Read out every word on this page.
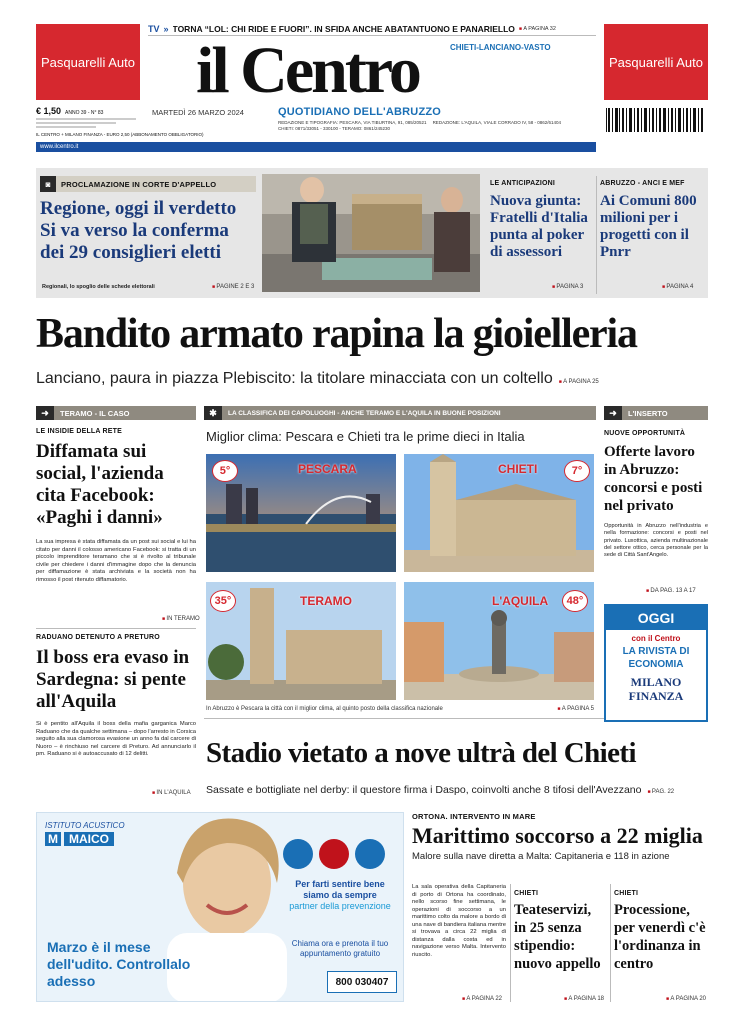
Pasquarelli Auto	Pasquarelli Auto
TV » TORNA “LOL: CHI RIDE E FUORI”. IN SFIDA ANCHE ABATANTUONO E PANARIELLO	■ A PAGINA 32
il Centro	CHIETI-LANCIANO-VASTO
€ 1,50 ANNO 39 - N° 83
IL CENTRO + MILANO FINANZA - EURO 2,50 (ABBONAMENTO OBBLIGATORIO)
www.ilcentro.it
MARTEDÌ 26 MARZO 2024	QUOTIDIANO DELL'ABRUZZO
REDAZIONE E TIPOGRAFIA: PESCARA, VIA TIBURTINA, 91, 085/20521 REDAZIONE: L'AQUILA, VIALE CORRADO IV, 58 - 0862/61404
CHIETI: 0871/33051 - 330100 - TERAMO: 0861/245230
◙	PROCLAMAZIONE IN CORTE D'APPELLO
Regione, oggi il verdetto Si va verso la conferma dei 29 consiglieri eletti
Regionali, lo spoglio delle schede elettorali	■ PAGINE 2 E 3
LE ANTICIPAZIONI
Nuova giunta: Fratelli d'Italia punta al poker di assessori
■ PAGINA 3
ABRUZZO - ANCI E MEF
Ai Comuni 800 milioni per i progetti con il Pnrr
■ PAGINA 4
Bandito armato rapina la gioielleria
Lanciano, paura in piazza Plebiscito: la titolare minacciata con un coltello	■ A PAGINA 25
➜	TERAMO - IL CASO
LE INSIDIE DELLA RETE
Diffamata sui social, l'azienda cita Facebook: «Paghi i danni»
La sua impresa è stata diffamata da un post sui social e lui ha citato per danni il colosso americano Facebook: si tratta di un piccolo imprenditore teramano che si è rivolto al tribunale civile per chiedere i danni d'immagine dopo che la denuncia per diffamazione è stata archiviata e la società non ha rimosso il post ritenuto diffamatorio.
■ IN TERAMO
RADUANO DETENUTO A PRETURO
Il boss era evaso in Sardegna: si pente all'Aquila
Si è pentito all'Aquila il boss della mafia garganica Marco Raduano che da qualche settimana – dopo l'arresto in Corsica seguito alla sua clamorosa evasione un anno fa dal carcere di Nuoro – è rinchiuso nel carcere di Preturo. Ad annunciarlo il pm. Raduano si è autoaccusato di 12 delitti.
■ IN L'AQUILA
✱	LA CLASSIFICA DEI CAPOLUOGHI - ANCHE TERAMO E L'AQUILA IN BUONE POSIZIONI
Miglior clima: Pescara e Chieti tra le prime dieci in Italia
5°	PESCARA	7°
CHIETI
35°	TERAMO	48°
L'AQUILA
In Abruzzo è Pescara la città con il miglior clima, al quinto posto della classifica nazionale	■ A PAGINA 5
Stadio vietato a nove ultrà del Chieti
Sassate e bottigliate nel derby: il questore firma i Daspo, coinvolti anche 8 tifosi dell'Avezzano	■ PAG. 22
➜	L'INSERTO
NUOVE OPPORTUNITÀ
Offerte lavoro in Abruzzo: concorsi e posti nel privato
Opportunità in Abruzzo nell'industria e nella formazione: concorsi e posti nel privato. Luxottica, azienda multinazionale del settore ottico, cerca personale per la sede di Città Sant'Angelo.
■ DA PAG. 13 A 17
OGGI
con il Centro
LA RIVISTA DI ECONOMIA
MILANO FINANZA
ISTITUTO ACUSTICO
M MAICO
Marzo è il mese dell'udito. Controllalo adesso
Per farti sentire bene siamo da sempre
partner della prevenzione
Chiama ora e prenota il tuo appuntamento gratuito
800 030407
ORTONA. INTERVENTO IN MARE
Marittimo soccorso a 22 miglia
Malore sulla nave diretta a Malta: Capitaneria e 118 in azione
La sala operativa della Capitaneria di porto di Ortona ha coordinato, nello scorso fine settimana, le operazioni di soccorso a un marittimo colto da malore a bordo di una nave di bandiera italiana mentre si trovava a circa 22 miglia di distanza dalla costa ed in navigazione verso Malta. Intervento riuscito.
■ A PAGINA 22
CHIETI
Teateservizi, in 25 senza stipendio: nuovo appello
■ A PAGINA 18
CHIETI
Processione, per venerdì c'è l'ordinanza in centro
■ A PAGINA 20
